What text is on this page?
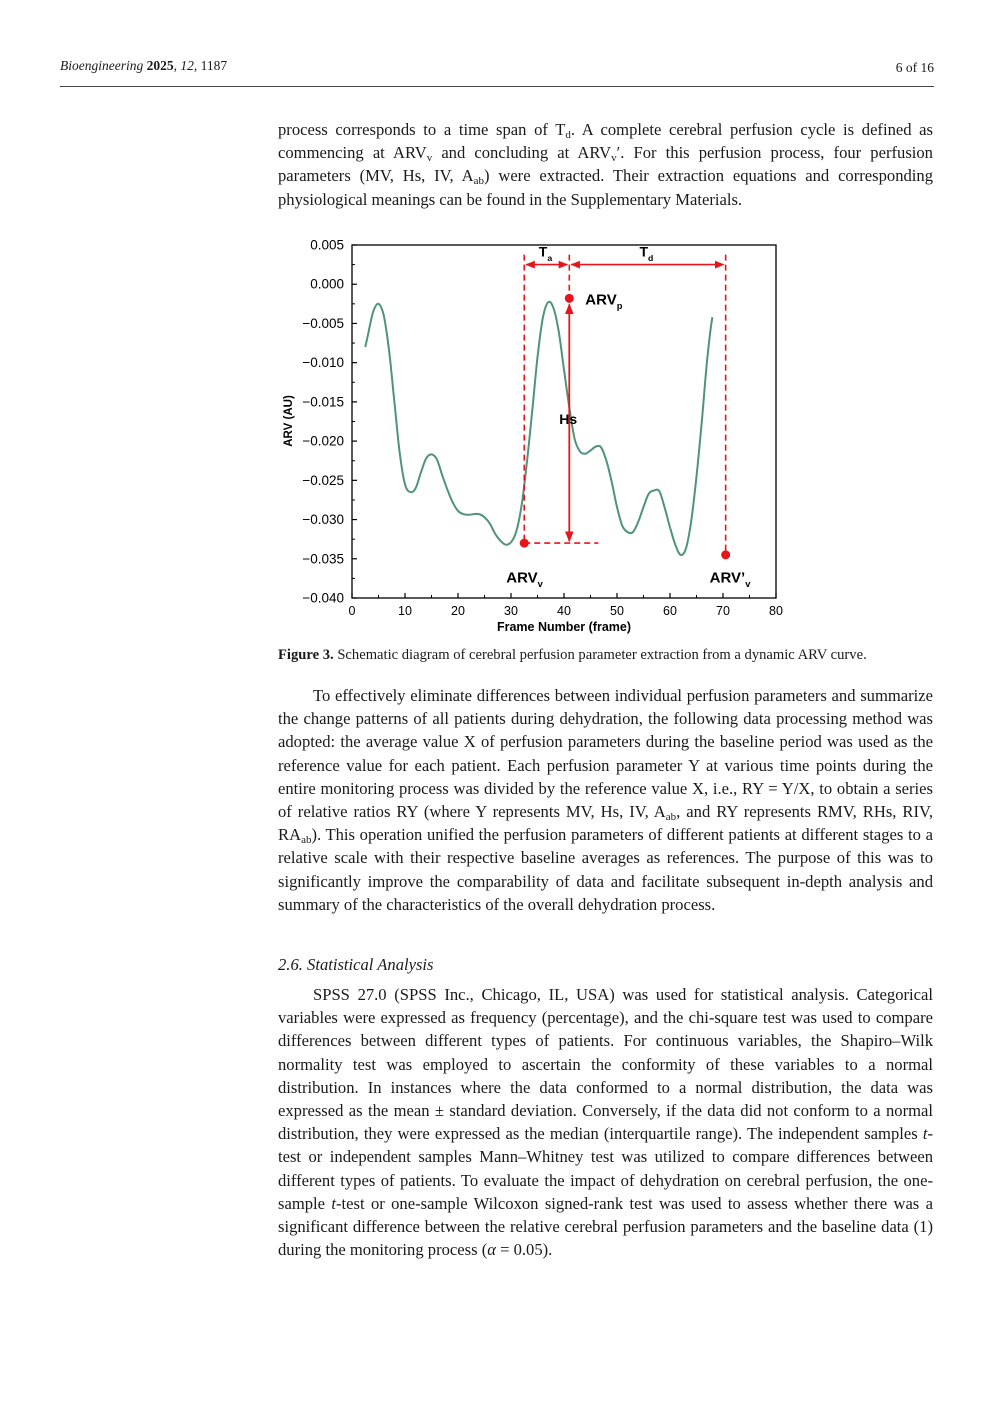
Bioengineering 2025, 12, 1187	6 of 16

process corresponds to a time span of $T_d$. A complete cerebral perfusion cycle is defined as commencing at $ARV_v$ and concluding at $ARV_v'$. For this perfusion process, four perfusion parameters (MV, Hs, IV, $A_{ab}$) were extracted. Their extraction equations and corresponding physiological meanings can be found in the Supplementary Materials.

0	10	20	30	40	50	60	70	80
0.005
0.000
−0.005
−0.010
−0.015
−0.020
−0.025
−0.030
−0.035
−0.040
$T_a$	$T_d$
$ARV_p$
Hs
$ARV_v$	$ARV’_v$
Frame Number (frame)
ARV (AU)
Figure 3. Schematic diagram of cerebral perfusion parameter extraction from a dynamic ARV curve.

To effectively eliminate differences between individual perfusion parameters and summarize the change patterns of all patients during dehydration, the following data processing method was adopted: the average value X of perfusion parameters during the baseline period was used as the reference value for each patient. Each perfusion parameter Y at various time points during the entire monitoring process was divided by the reference value X, i.e., RY = Y/X, to obtain a series of relative ratios RY (where Y represents MV, Hs, IV, $A_{ab}$, and RY represents RMV, RHs, RIV, $RA_{ab}$). This operation unified the perfusion parameters of different patients at different stages to a relative scale with their respective baseline averages as references. The purpose of this was to significantly improve the comparability of data and facilitate subsequent in-depth analysis and summary of the characteristics of the overall dehydration process.

2.6. Statistical Analysis

SPSS 27.0 (SPSS Inc., Chicago, IL, USA) was used for statistical analysis. Categorical variables were expressed as frequency (percentage), and the chi-square test was used to compare differences between different types of patients. For continuous variables, the Shapiro–Wilk normality test was employed to ascertain the conformity of these variables to a normal distribution. In instances where the data conformed to a normal distribution, the data was expressed as the mean ± standard deviation. Conversely, if the data did not conform to a normal distribution, they were expressed as the median (interquartile range). The independent samples t-test or independent samples Mann–Whitney test was utilized to compare differences between different types of patients. To evaluate the impact of dehydration on cerebral perfusion, the one-sample t-test or one-sample Wilcoxon signed-rank test was used to assess whether there was a significant difference between the relative cerebral perfusion parameters and the baseline data (1) during the monitoring process (α = 0.05).
